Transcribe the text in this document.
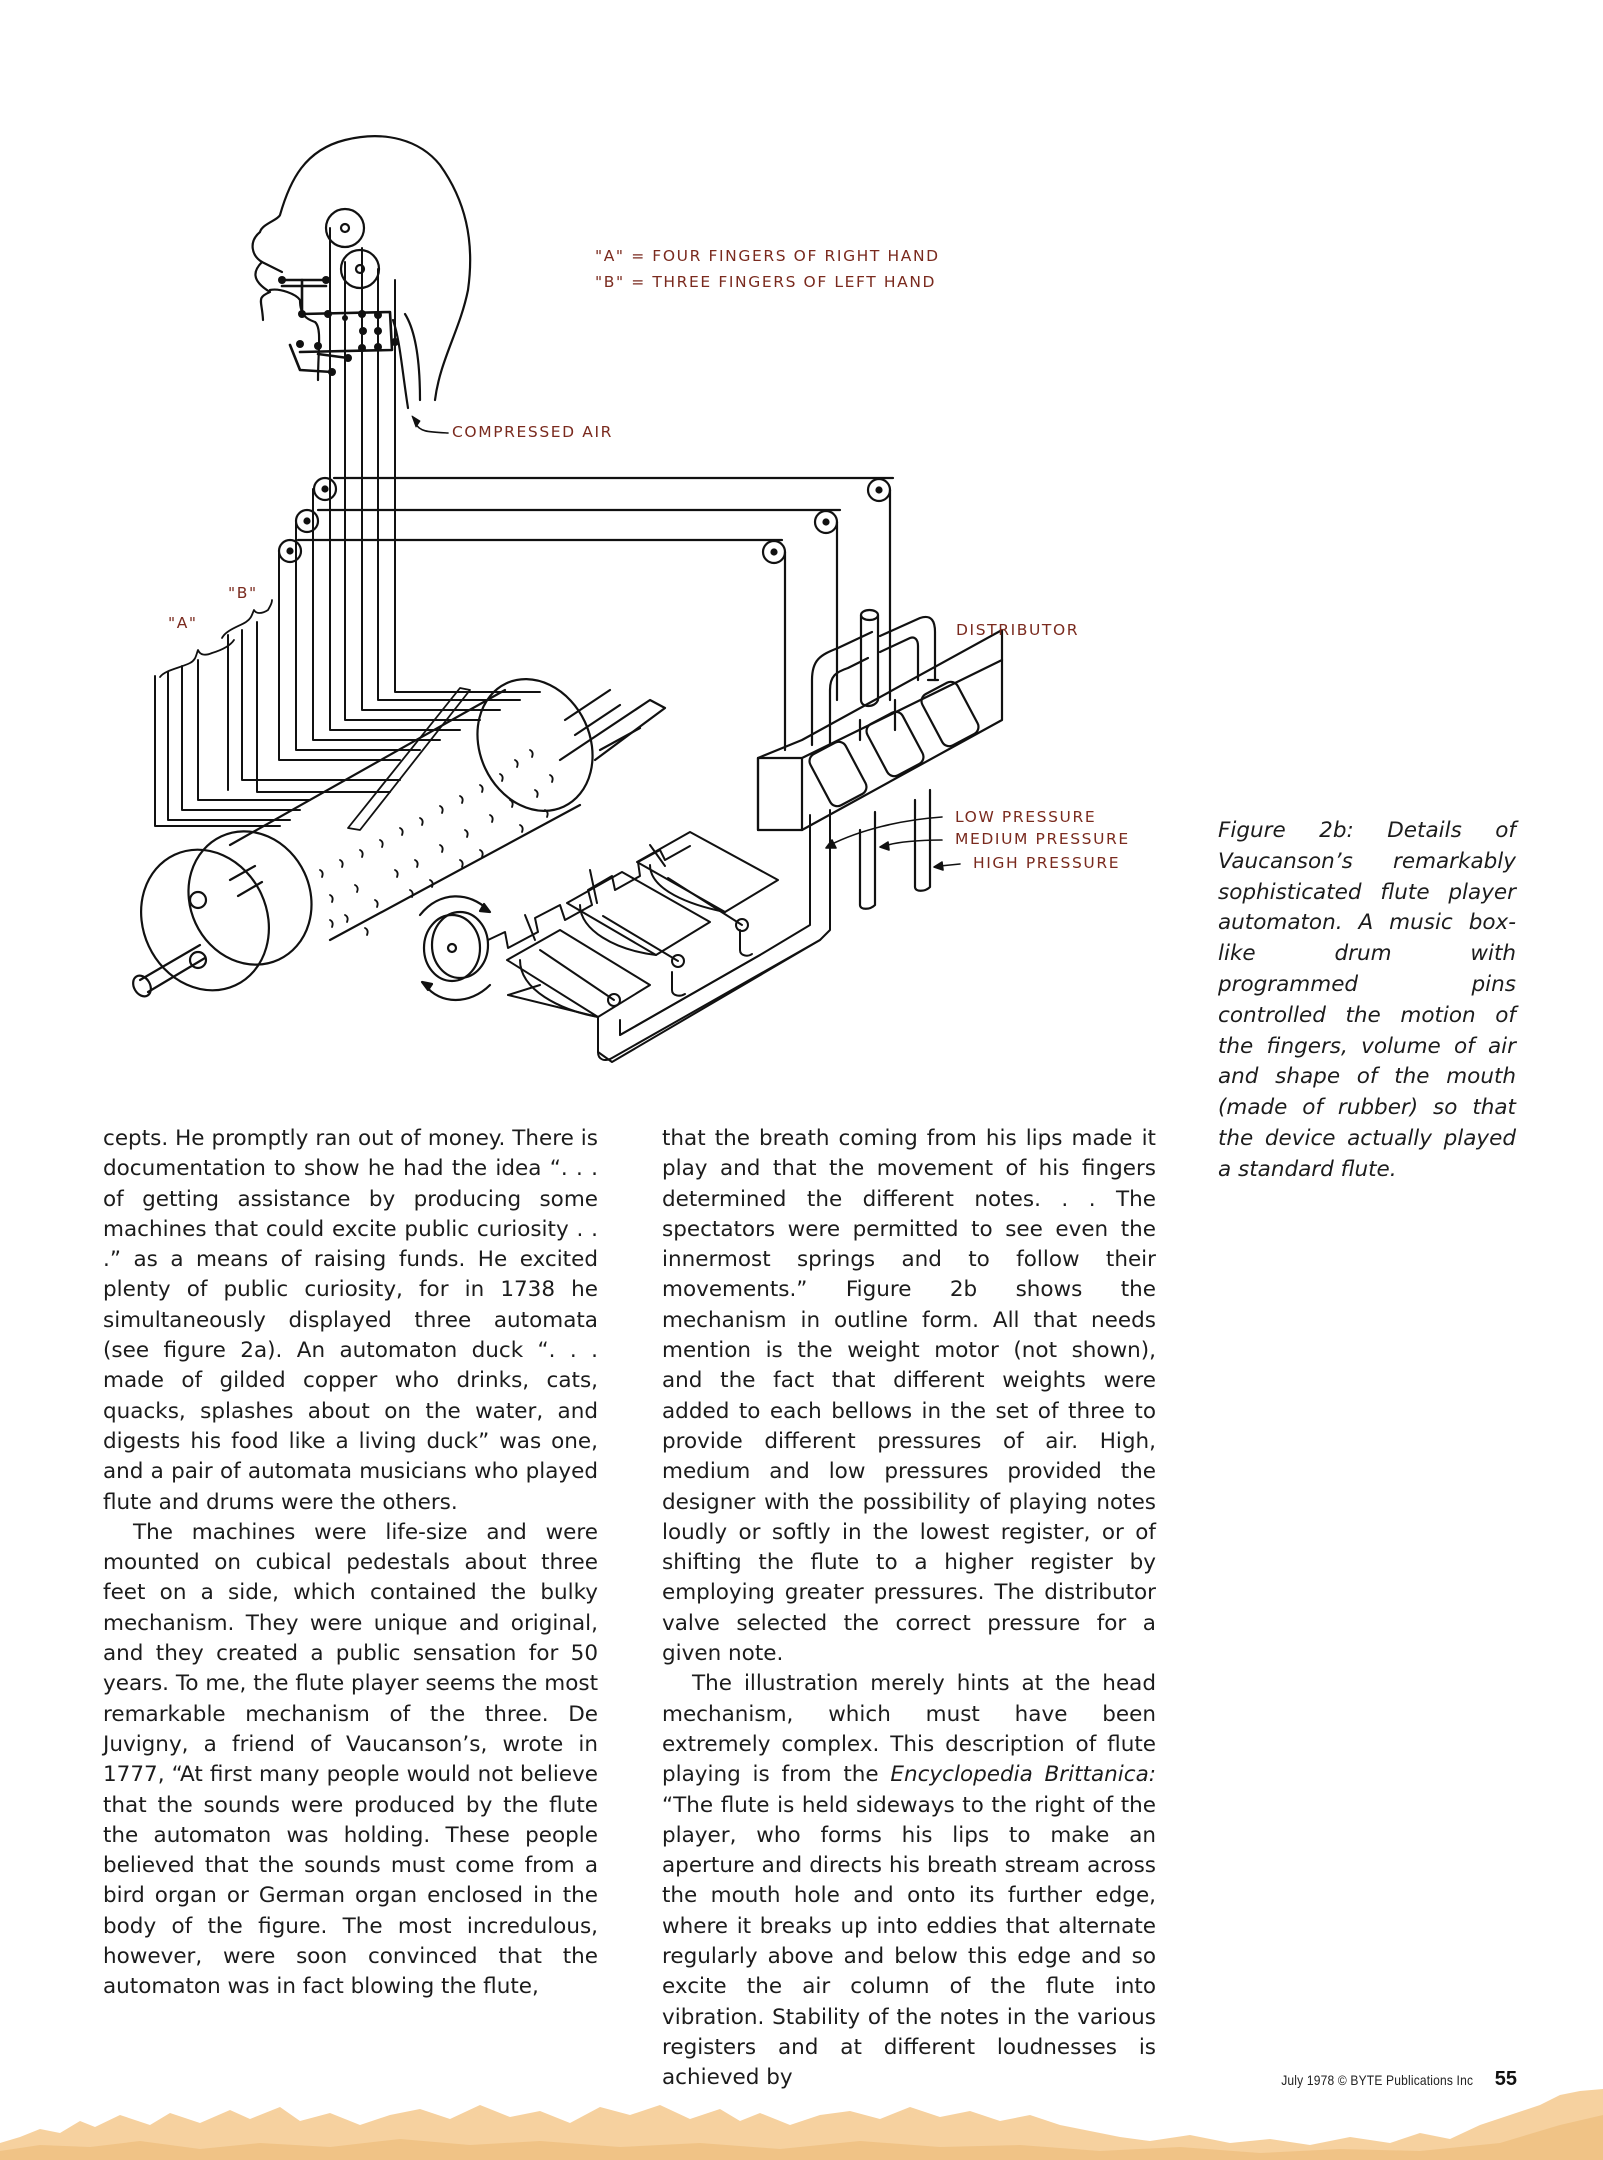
"A" = FOUR FINGERS OF RIGHT HAND
"B" = THREE FINGERS OF LEFT HAND
COMPRESSED AIR
DISTRIBUTOR
LOW PRESSURE
MEDIUM PRESSURE
HIGH PRESSURE
"A"
"B"

Figure 2b: Details of Vaucanson’s remarkably sophisticated flute player automaton. A music box-like drum with programmed pins controlled the motion of the fingers, volume of air and shape of the mouth (made of rubber) so that the device actually played a standard flute.

cepts. He promptly ran out of money. There is documentation to show he had the idea “. . . of getting assistance by producing some machines that could excite public curiosity . . .” as a means of raising funds. He excited plenty of public curiosity, for in 1738 he simultaneously displayed three automata (see figure 2a). An automaton duck “. . . made of gilded copper who drinks, cats, quacks, splashes about on the water, and digests his food like a living duck” was one, and a pair of automata musicians who played flute and drums were the others.

The machines were life-size and were mounted on cubical pedestals about three feet on a side, which contained the bulky mechanism. They were unique and original, and they created a public sensation for 50 years. To me, the flute player seems the most remarkable mechanism of the three. De Juvigny, a friend of Vaucanson’s, wrote in 1777, “At first many people would not believe that the sounds were produced by the flute the automaton was holding. These people believed that the sounds must come from a bird organ or German organ enclosed in the body of the figure. The most incredulous, however, were soon convinced that the automaton was in fact blowing the flute,

that the breath coming from his lips made it play and that the movement of his fingers determined the different notes. . . The spectators were permitted to see even the innermost springs and to follow their movements.” Figure 2b shows the mechanism in outline form. All that needs mention is the weight motor (not shown), and the fact that different weights were added to each bellows in the set of three to provide different pressures of air. High, medium and low pressures provided the designer with the possibility of playing notes loudly or softly in the lowest register, or of shifting the flute to a higher register by employing greater pressures. The distributor valve selected the correct pressure for a given note.

The illustration merely hints at the head mechanism, which must have been extremely complex. This description of flute playing is from the Encyclopedia Brittanica: “The flute is held sideways to the right of the player, who forms his lips to make an aperture and directs his breath stream across the mouth hole and onto its further edge, where it breaks up into eddies that alternate regularly above and below this edge and so excite the air column of the flute into vibration. Stability of the notes in the various registers and at different loudnesses is achieved by	July 1978 © BYTE Publications Inc 55
